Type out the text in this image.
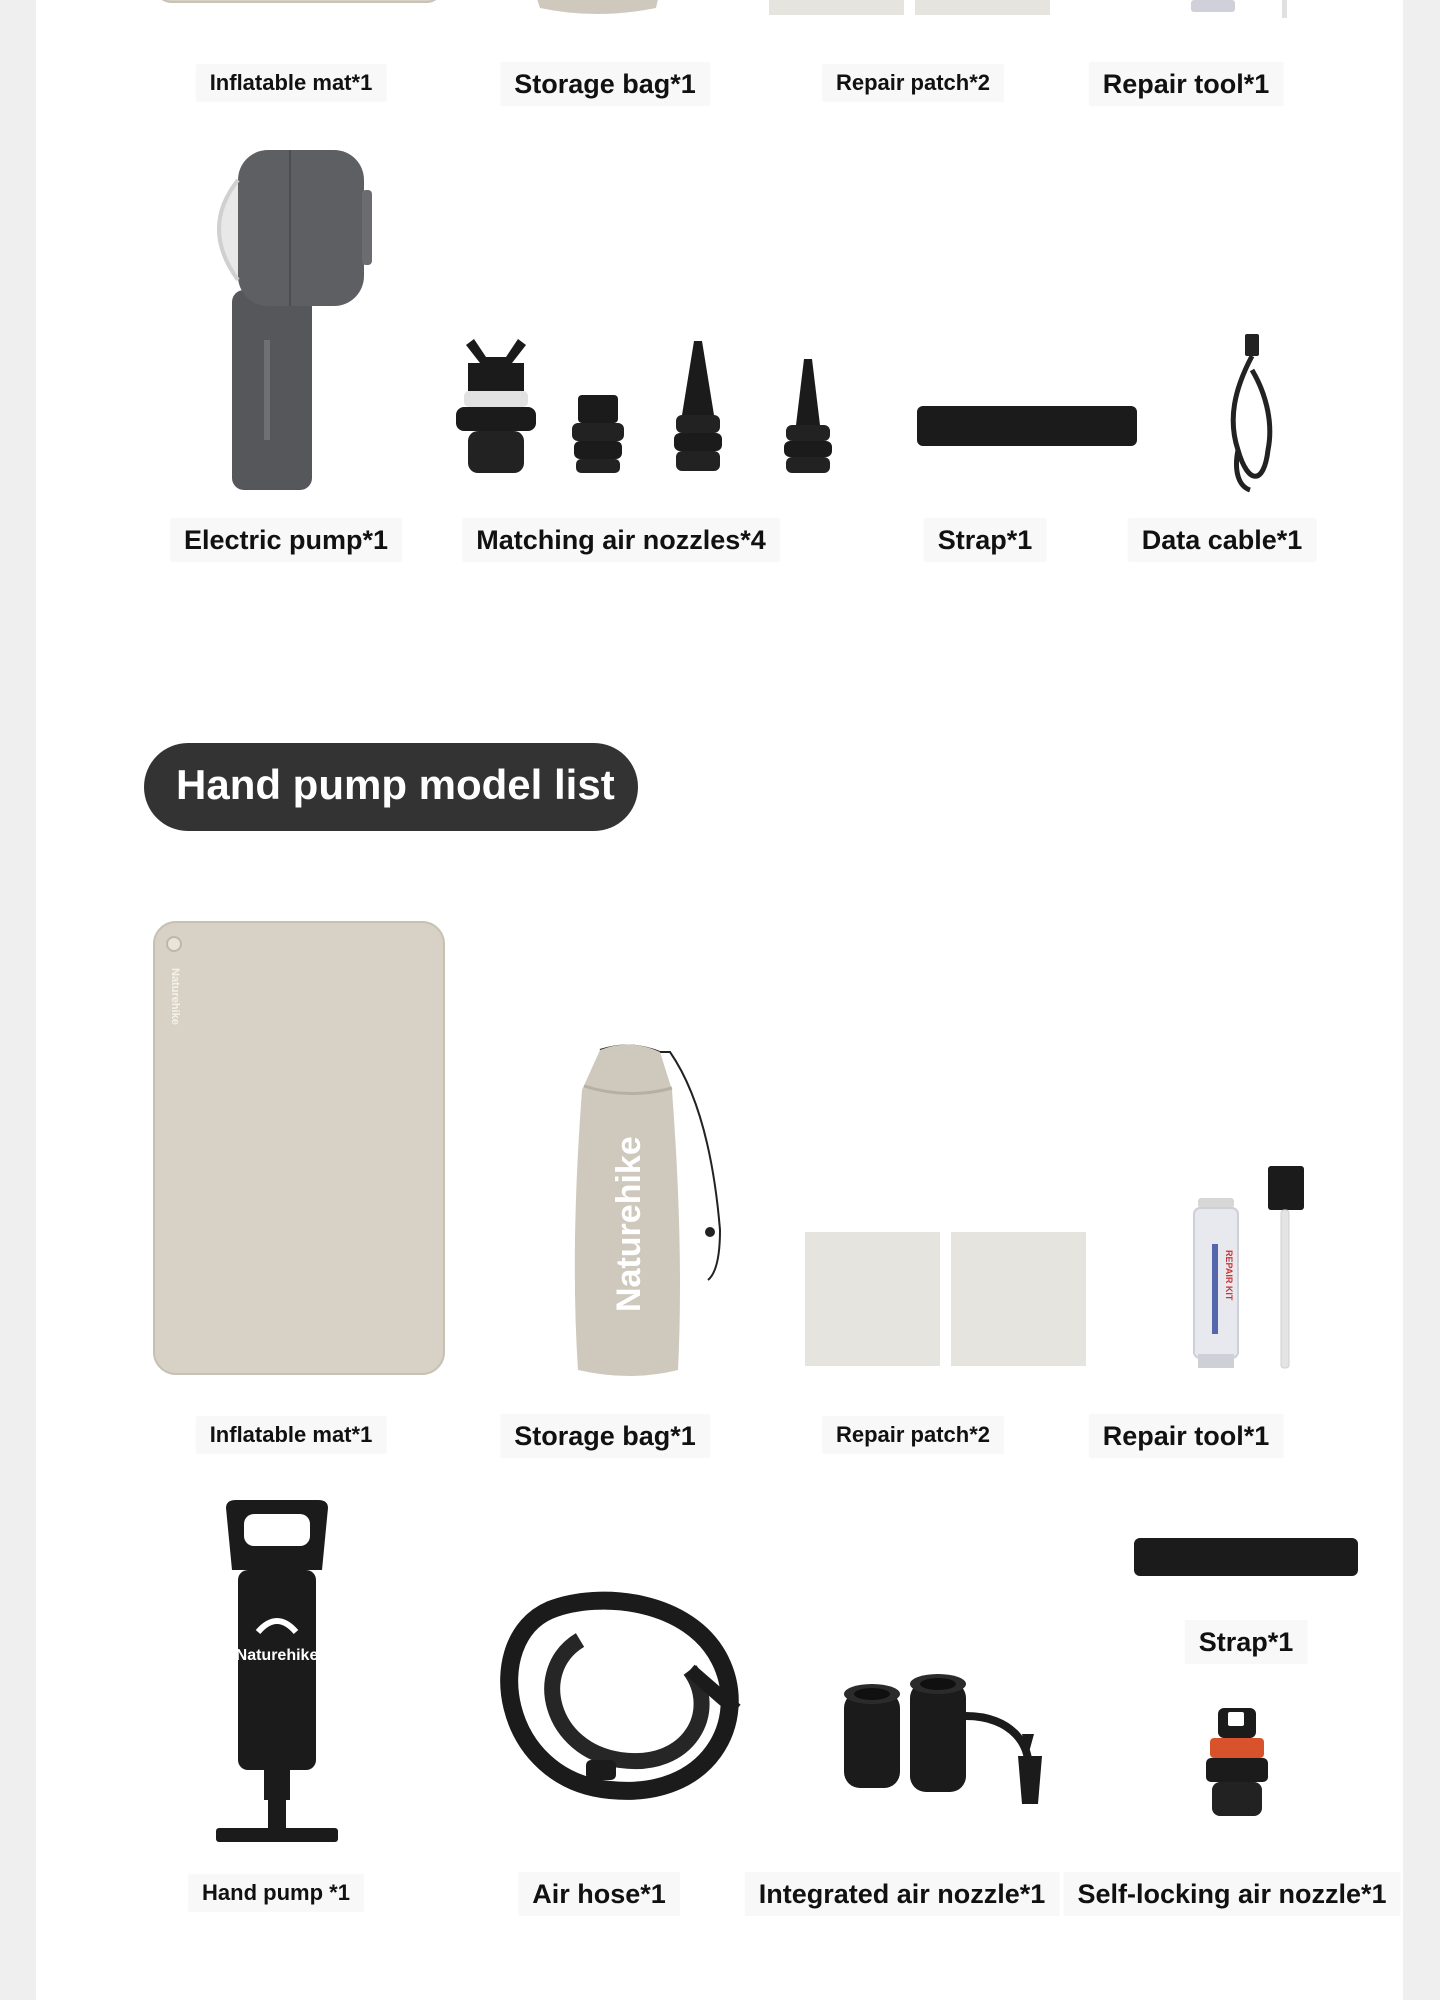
Inflatable mat*1	Storage bag*1	Repair patch*2	Repair tool*1
Electric pump*1	Matching air nozzles*4	Strap*1	Data cable*1
Hand pump model list
Naturehike
Naturehike	REPAIR KIT
Inflatable mat*1	Storage bag*1	Repair patch*2	Repair tool*1
Naturehike	Strap*1
Hand pump *1	Air hose*1	Integrated air nozzle*1	Self-locking air nozzle*1
